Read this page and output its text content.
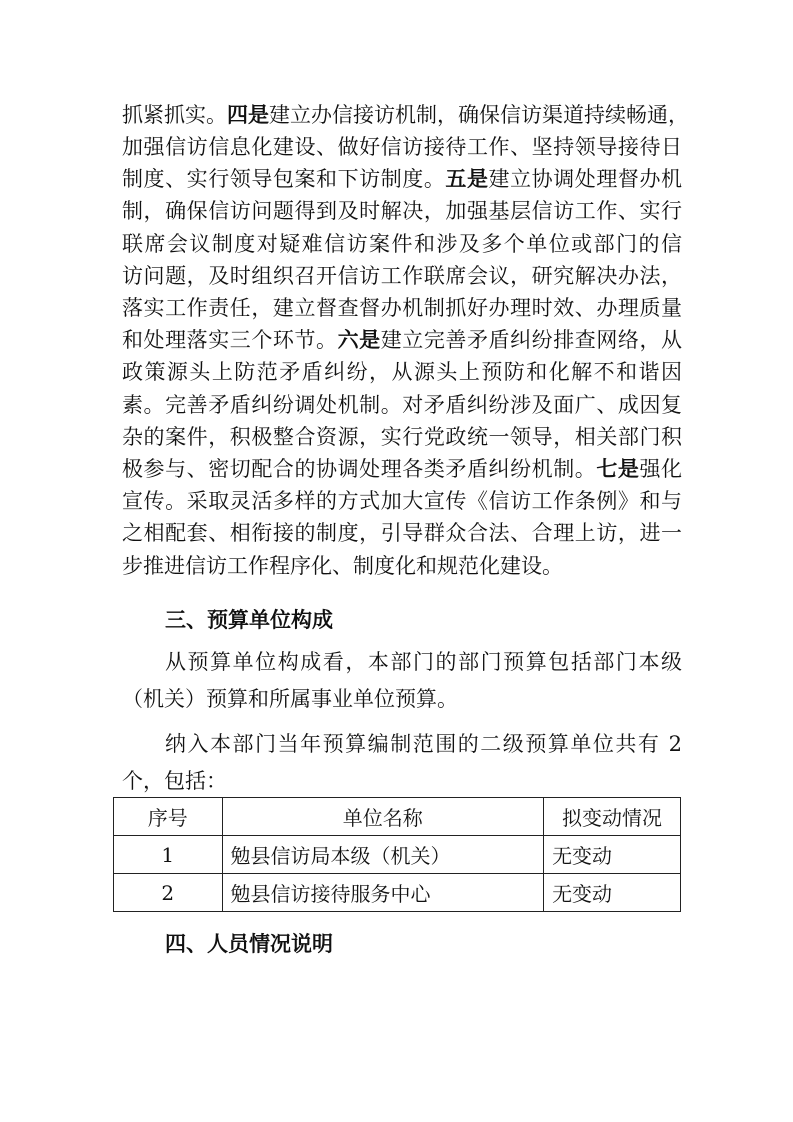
抓紧抓实。四是建立办信接访机制，确保信访渠道持续畅通，
加强信访信息化建设、做好信访接待工作、坚持领导接待日
制度、实行领导包案和下访制度。五是建立协调处理督办机
制，确保信访问题得到及时解决，加强基层信访工作、实行
联席会议制度对疑难信访案件和涉及多个单位或部门的信
访问题，及时组织召开信访工作联席会议，研究解决办法，
落实工作责任，建立督查督办机制抓好办理时效、办理质量
和处理落实三个环节。六是建立完善矛盾纠纷排查网络，从
政策源头上防范矛盾纠纷，从源头上预防和化解不和谐因
素。完善矛盾纠纷调处机制。对矛盾纠纷涉及面广、成因复
杂的案件，积极整合资源，实行党政统一领导，相关部门积
极参与、密切配合的协调处理各类矛盾纠纷机制。七是强化
宣传。采取灵活多样的方式加大宣传《信访工作条例》和与
之相配套、相衔接的制度，引导群众合法、合理上访，进一
步推进信访工作程序化、制度化和规范化建设。
三、预算单位构成
从预算单位构成看，本部门的部门预算包括部门本级
（机关）预算和所属事业单位预算。
纳入本部门当年预算编制范围的二级预算单位共有 2
个，包括：
序号	单位名称	拟变动情况
1	勉县信访局本级（机关）	无变动
2	勉县信访接待服务中心	无变动
四、人员情况说明
